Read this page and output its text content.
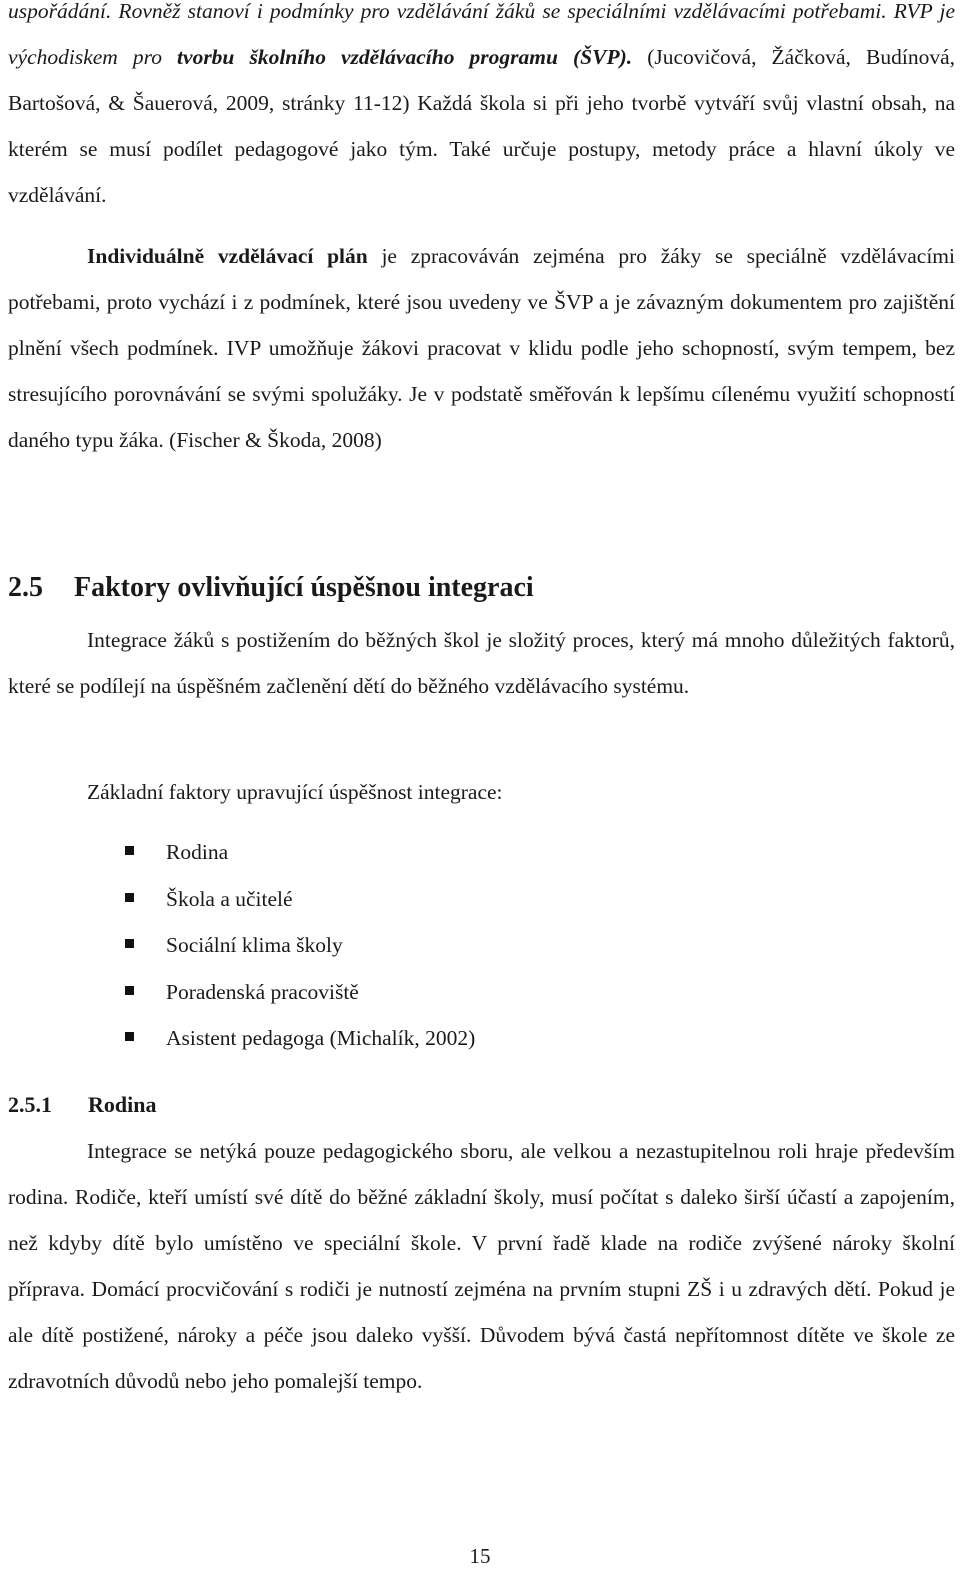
uspořádání. Rovněž stanoví i podmínky pro vzdělávání žáků se speciálními vzdělávacími potřebami. RVP je východiskem pro tvorbu školního vzdělávacího programu (ŠVP). (Jucovičová, Žáčková, Budínová, Bartošová, & Šauerová, 2009, stránky 11-12) Každá škola si při jeho tvorbě vytváří svůj vlastní obsah, na kterém se musí podílet pedagogové jako tým. Také určuje postupy, metody práce a hlavní úkoly ve vzdělávání.

Individuálně vzdělávací plán je zpracováván zejména pro žáky se speciálně vzdělávacími potřebami, proto vychází i z podmínek, které jsou uvedeny ve ŠVP a je závazným dokumentem pro zajištění plnění všech podmínek. IVP umožňuje žákovi pracovat v klidu podle jeho schopností, svým tempem, bez stresujícího porovnávání se svými spolužáky. Je v podstatě směřován k lepšímu cílenému využití schopností daného typu žáka. (Fischer & Škoda, 2008)

2.5 Faktory ovlivňující úspěšnou integraci

Integrace žáků s postižením do běžných škol je složitý proces, který má mnoho důležitých faktorů, které se podílejí na úspěšném začlenění dětí do běžného vzdělávacího systému.

Základní faktory upravující úspěšnost integrace:

Rodina
Škola a učitelé
Sociální klima školy
Poradenská pracoviště
Asistent pedagoga (Michalík, 2002)
2.5.1 Rodina

Integrace se netýká pouze pedagogického sboru, ale velkou a nezastupitelnou roli hraje především rodina. Rodiče, kteří umístí své dítě do běžné základní školy, musí počítat s daleko širší účastí a zapojením, než kdyby dítě bylo umístěno ve speciální škole. V první řadě klade na rodiče zvýšené nároky školní příprava. Domácí procvičování s rodiči je nutností zejména na prvním stupni ZŠ i u zdravých dětí. Pokud je ale dítě postižené, nároky a péče jsou daleko vyšší. Důvodem bývá častá nepřítomnost dítěte ve škole ze zdravotních důvodů nebo jeho pomalejší tempo.

15
